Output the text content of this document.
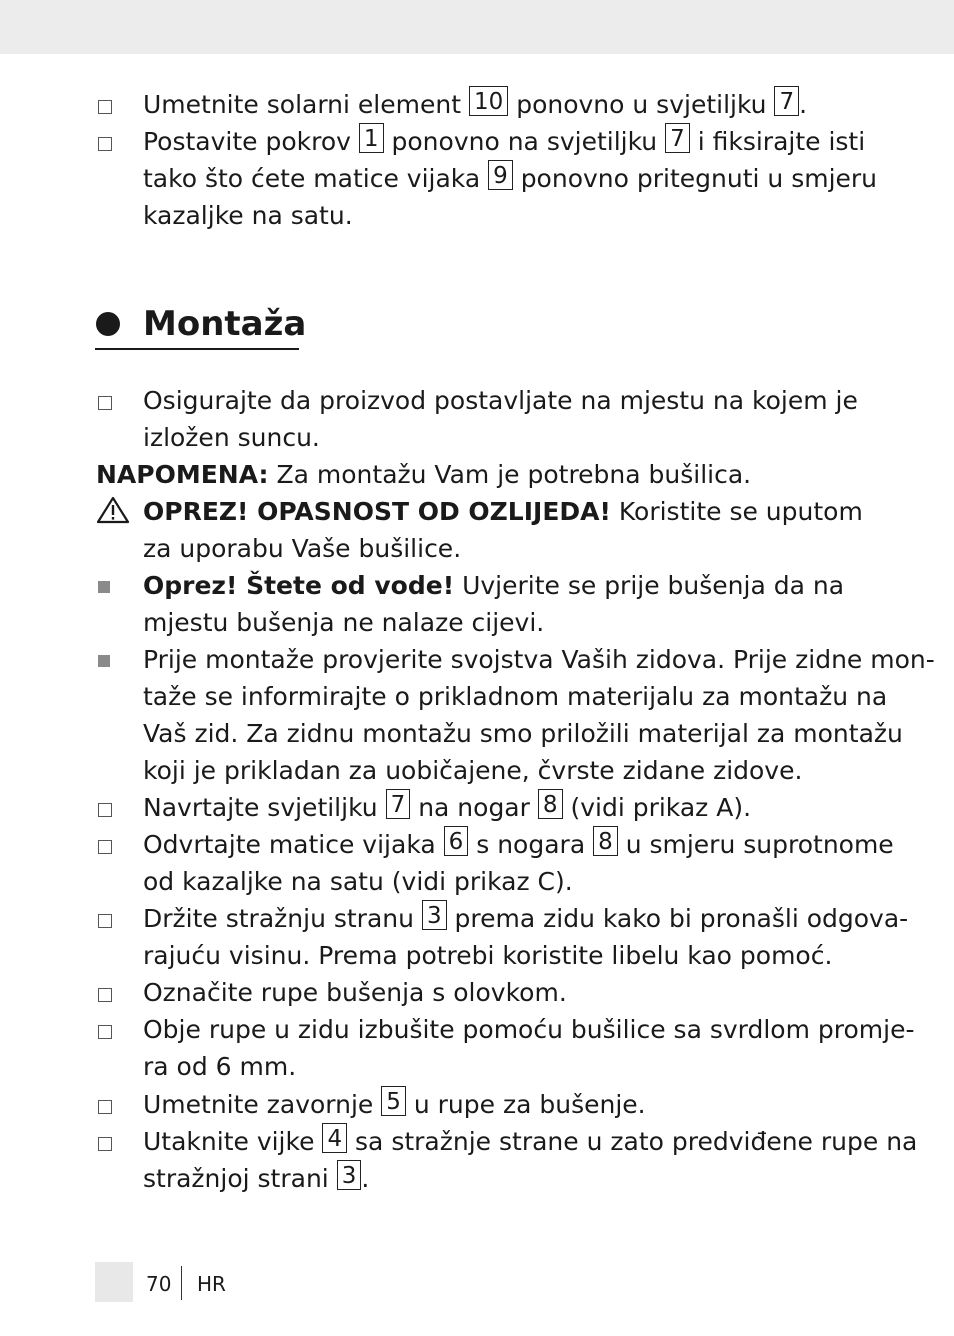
Umetnite solarni element 10 ponovno u svjetiljku 7 .
Postavite pokrov 1 ponovno na svjetiljku 7 i fiksirajte isti
tako što ćete matice vijaka 9 ponovno pritegnuti u smjeru
kazaljke na satu.
Montaža
Osigurajte da proizvod postavljate na mjestu na kojem je
izložen suncu.
NAPOMENA: Za montažu Vam je potrebna bušilica.
OPREZ! OPASNOST OD OZLIJEDA! Koristite se uputom
za uporabu Vaše bušilice.
Oprez! Štete od vode! Uvjerite se prije bušenja da na
mjestu bušenja ne nalaze cijevi.
Prije montaže provjerite svojstva Vaših zidova. Prije zidne mon-
taže se informirajte o prikladnom materijalu za montažu na
Vaš zid. Za zidnu montažu smo priložili materijal za montažu
koji je prikladan za uobičajene, čvrste zidane zidove.
Navrtajte svjetiljku 7 na nogar 8 (vidi prikaz A).
Odvrtajte matice vijaka 6 s nogara 8 u smjeru suprotnome
od kazaljke na satu (vidi prikaz C).
Držite stražnju stranu 3 prema zidu kako bi pronašli odgova-
rajuću visinu. Prema potrebi koristite libelu kao pomoć.
Označite rupe bušenja s olovkom.
Obje rupe u zidu izbušite pomoću bušilice sa svrdlom promje-
ra od 6 mm.
Umetnite zavornje 5 u rupe za bušenje.
Utaknite vijke 4 sa stražnje strane u zato predviđene rupe na
stražnjoj strani 3 .
70 HR
